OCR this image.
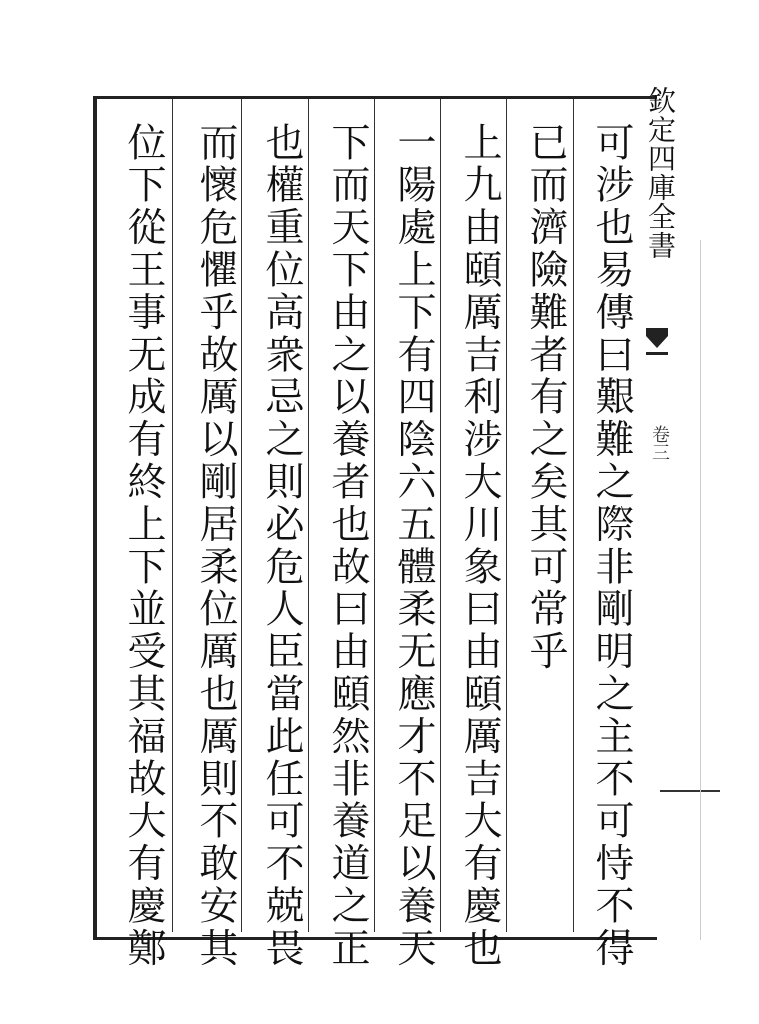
可涉也易傳曰艱難之際非剛明之主不可恃不得
已而濟險難者有之矣其可常乎
上九由頤厲吉利涉大川象曰由頤厲吉大有慶也
一陽處上下有四陰六五體柔无應才不足以養天
下而天下由之以養者也故曰由頤然非養道之正
也權重位高衆忌之則必危人臣當此任可不兢畏
而懷危懼乎故厲以剛居柔位厲也厲則不敢安其
位下從王事无成有終上下並受其福故大有慶鄭	欽定四庫全書
卷三
